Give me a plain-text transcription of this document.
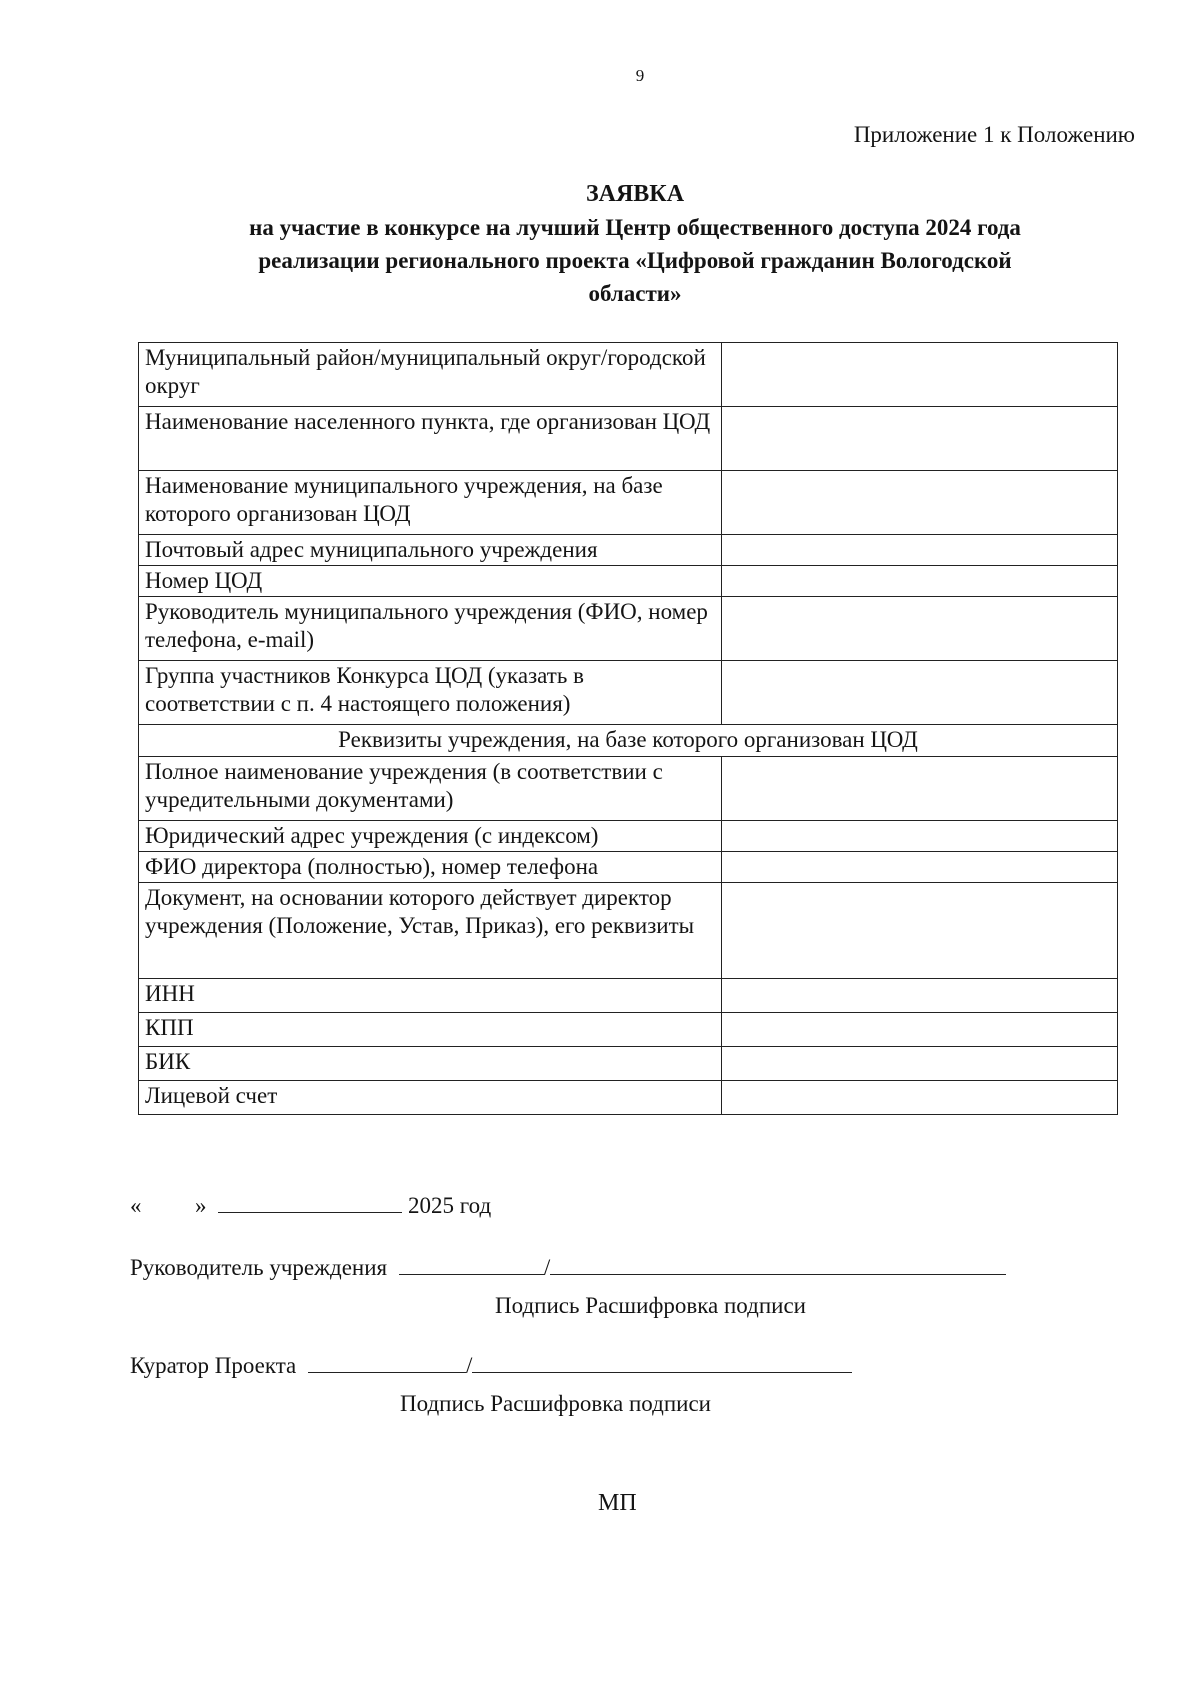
9
Приложение 1 к Положению
ЗАЯВКА
на участие в конкурсе на лучший Центр общественного доступа 2024 года
реализации регионального проекта «Цифровой гражданин Вологодской
области»
Муниципальный район/муниципальный округ/городской округ	
Наименование населенного пункта, где организован ЦОД	
Наименование муниципального учреждения, на базе которого организован ЦОД	
Почтовый адрес муниципального учреждения	
Номер ЦОД	
Руководитель муниципального учреждения (ФИО, номер телефона, e-mail)	
Группа участников Конкурса ЦОД (указать в соответствии с п. 4 настоящего положения)	
Реквизиты учреждения, на базе которого организован ЦОД	
Полное наименование учреждения (в соответствии с учредительными документами)	
Юридический адрес учреждения (с индексом)	
ФИО директора (полностью), номер телефона	
Документ, на основании которого действует директор учреждения (Положение, Устав, Приказ), его реквизиты	
ИНН	
КПП	
БИК	
Лицевой счет	
« »	2025 год
Руководитель учреждения	/
Подпись Расшифровка подписи
Куратор Проекта	/
Подпись Расшифровка подписи
МП
